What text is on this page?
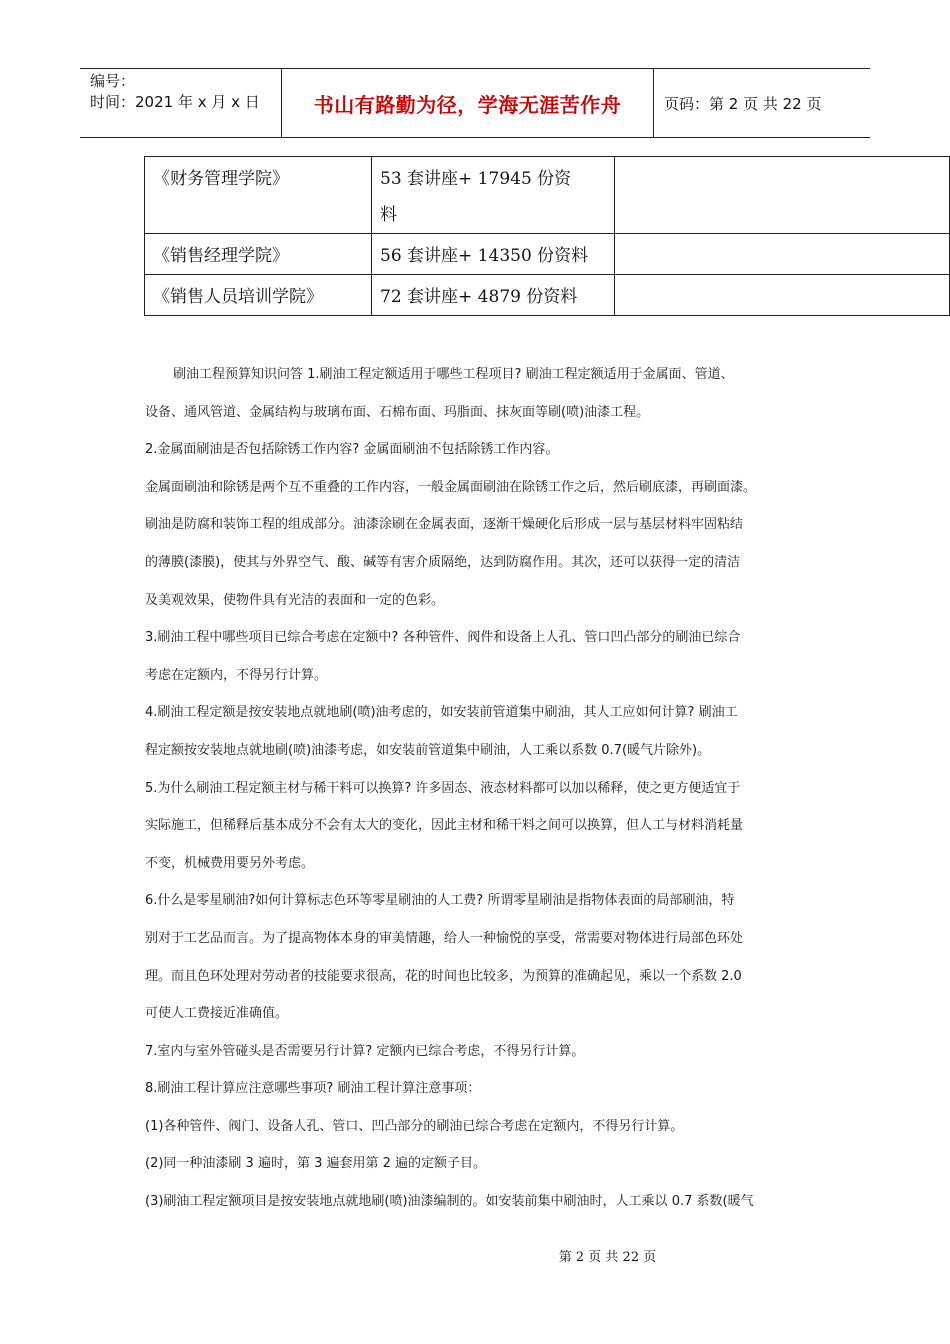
编号：
时间：2021 年 x 月 x 日	书山有路勤为径，学海无涯苦作舟	页码：第 2 页 共 22 页
《财务管理学院》	53 套讲座+ 17945 份资
料	

《销售经理学院》	56 套讲座+ 14350 份资料	

《销售人员培训学院》	72 套讲座+ 4879 份资料	

刷油工程预算知识问答 1.刷油工程定额适用于哪些工程项目? 刷油工程定额适用于金属面、管道、

设备、通风管道、金属结构与玻璃布面、石棉布面、玛脂面、抹灰面等刷(喷)油漆工程。

2.金属面刷油是否包括除锈工作内容? 金属面刷油不包括除锈工作内容。

金属面刷油和除锈是两个互不重叠的工作内容，一般金属面刷油在除锈工作之后，然后刷底漆，再刷面漆。

刷油是防腐和装饰工程的组成部分。油漆涂刷在金属表面，逐渐干燥硬化后形成一层与基层材料牢固粘结

的薄膜(漆膜)，使其与外界空气、酸、碱等有害介质隔绝，达到防腐作用。其次，还可以获得一定的清洁

及美观效果，使物件具有光洁的表面和一定的色彩。

3.刷油工程中哪些项目已综合考虑在定额中? 各种管件、阀件和设备上人孔、管口凹凸部分的刷油已综合

考虑在定额内，不得另行计算。

4.刷油工程定额是按安装地点就地刷(喷)油考虑的，如安装前管道集中刷油，其人工应如何计算? 刷油工

程定额按安装地点就地刷(喷)油漆考虑，如安装前管道集中刷油，人工乘以系数 0.7(暖气片除外)。

5.为什么刷油工程定额主材与稀干料可以换算? 许多固态、液态材料都可以加以稀释，使之更方便适宜于

实际施工，但稀释后基本成分不会有太大的变化，因此主材和稀干料之间可以换算，但人工与材料消耗量

不变，机械费用要另外考虑。

6.什么是零星刷油?如何计算标志色环等零星刷油的人工费? 所谓零星刷油是指物体表面的局部刷油，特

别对于工艺品而言。为了提高物体本身的审美情趣，给人一种愉悦的享受，常需要对物体进行局部色环处

理。而且色环处理对劳动者的技能要求很高，花的时间也比较多，为预算的准确起见，乘以一个系数 2.0

可使人工费接近准确值。

7.室内与室外管碰头是否需要另行计算? 定额内已综合考虑，不得另行计算。

8.刷油工程计算应注意哪些事项? 刷油工程计算注意事项：

(1)各种管件、阀门、设备人孔、管口、凹凸部分的刷油已综合考虑在定额内，不得另行计算。

(2)同一种油漆刷 3 遍时，第 3 遍套用第 2 遍的定额子目。

(3)刷油工程定额项目是按安装地点就地刷(喷)油漆编制的。如安装前集中刷油时，人工乘以 0.7 系数(暖气

第 2 页 共 22 页
